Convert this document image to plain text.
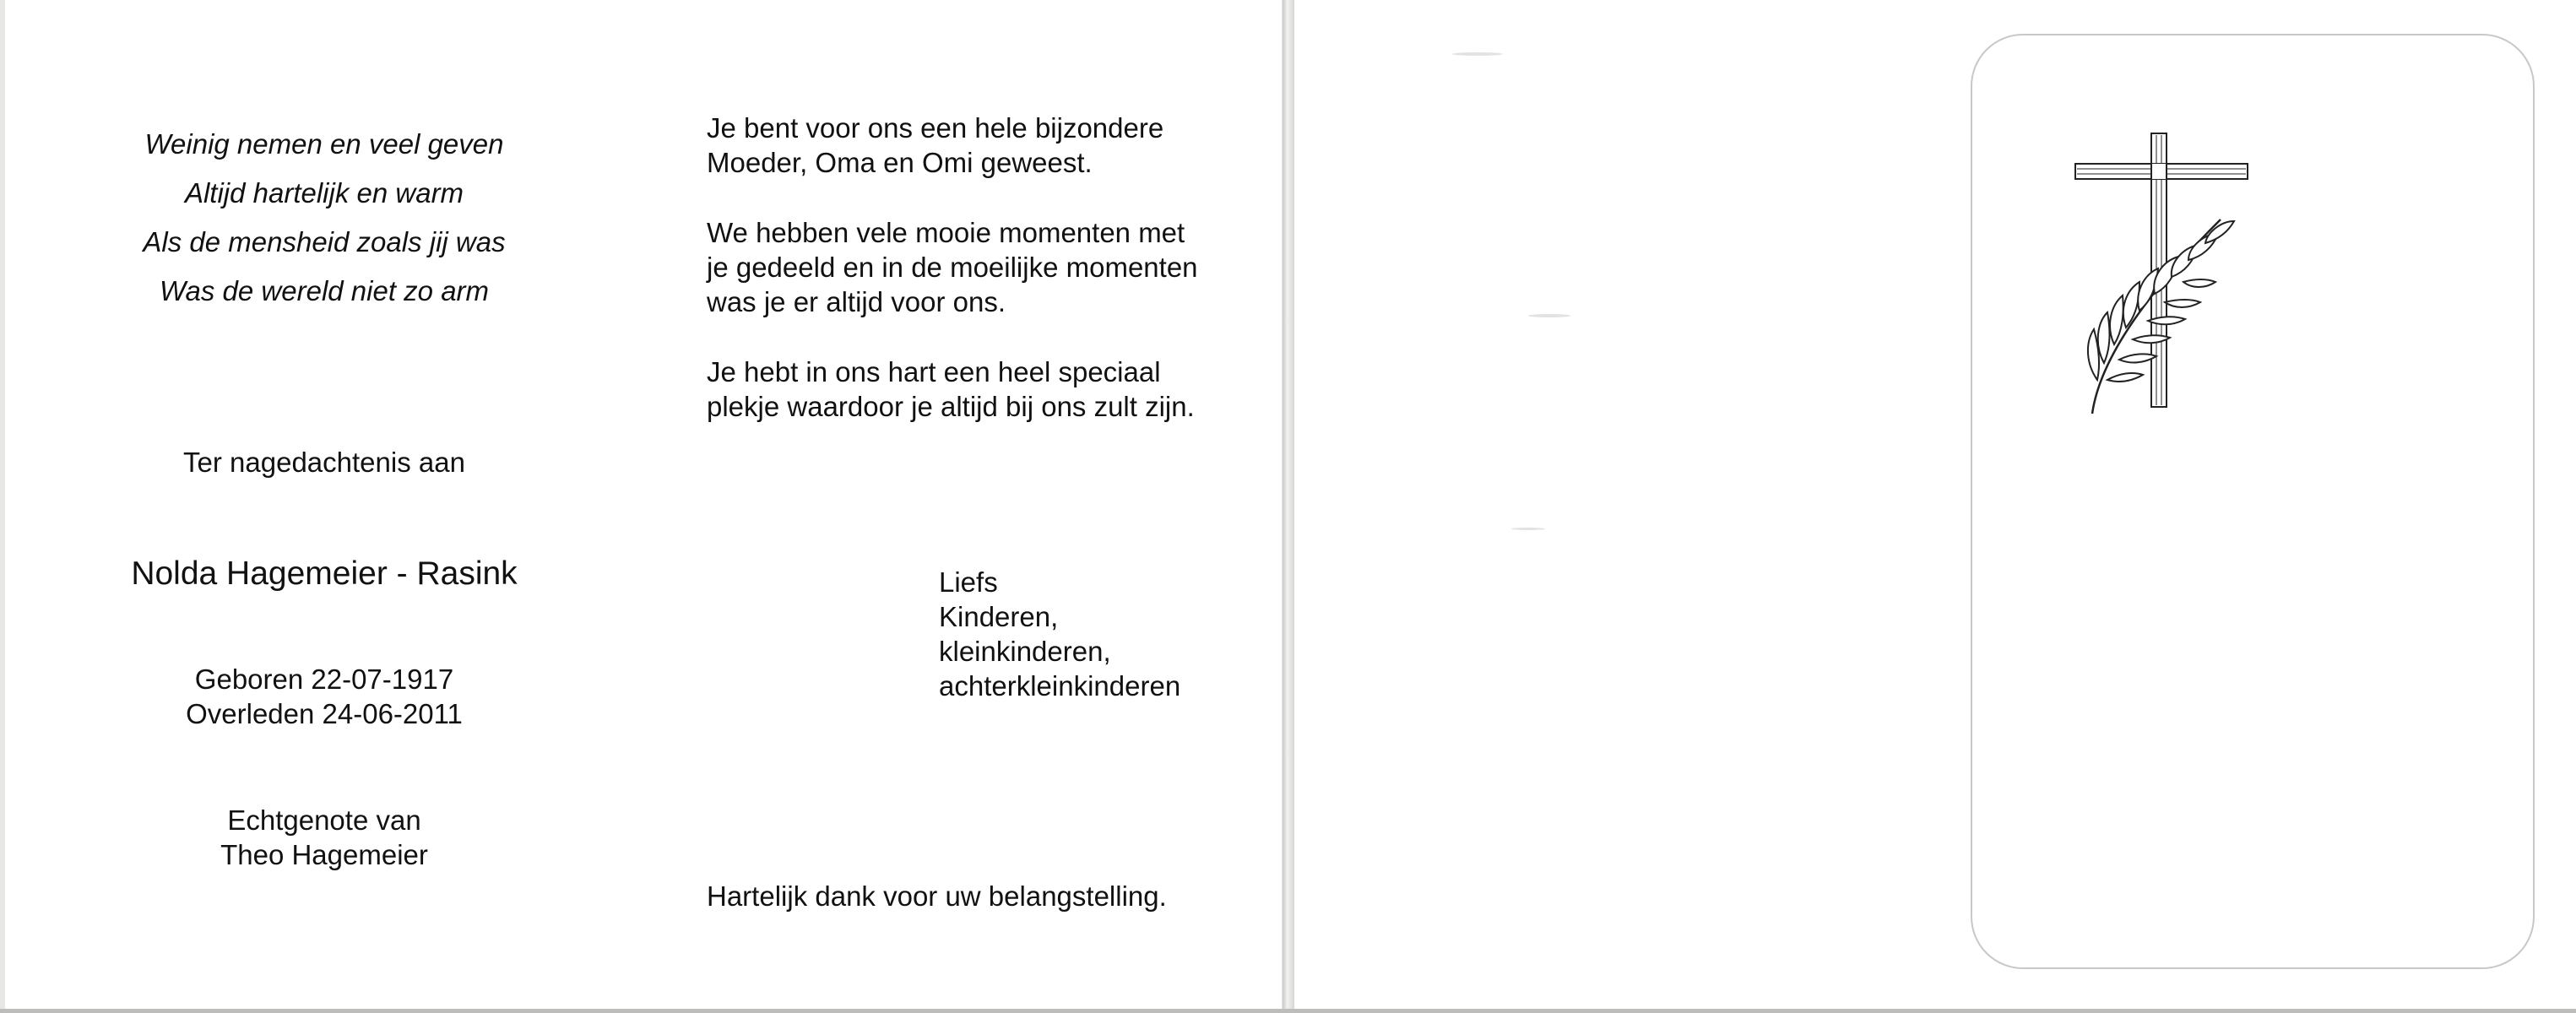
Weinig nemen en veel geven
Altijd hartelijk en warm
Als de mensheid zoals jij was
Was de wereld niet zo arm
Ter nagedachtenis aan
Nolda Hagemeier - Rasink
Geboren 22-07-1917
Overleden 24-06-2011
Echtgenote van
Theo Hagemeier

Je bent voor ons een hele bijzondere
Moeder, Oma en Omi geweest.

We hebben vele mooie momenten met
je gedeeld en in de moeilijke momenten
was je er altijd voor ons.

Je hebt in ons hart een heel speciaal
plekje waardoor je altijd bij ons zult zijn.

Liefs
Kinderen,
kleinkinderen,
achterkleinkinderen
Hartelijk dank voor uw belangstelling.
